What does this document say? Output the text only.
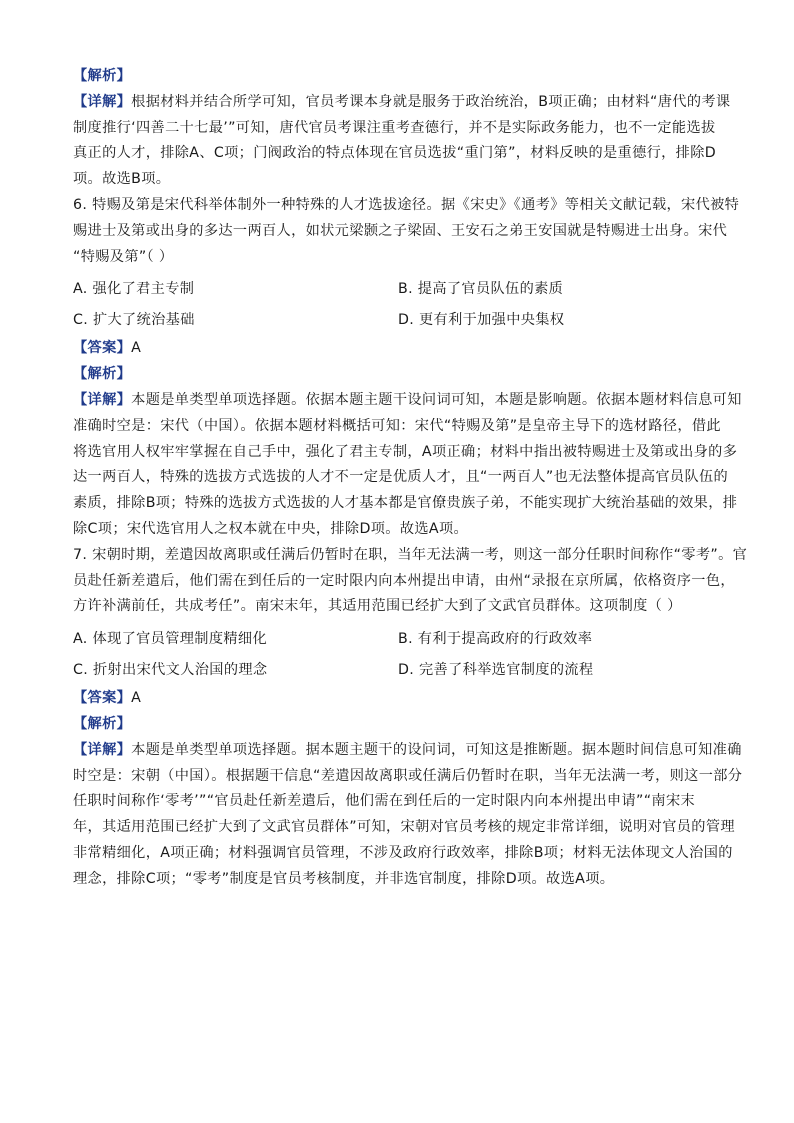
【解析】
【详解】根据材料并结合所学可知，官员考课本身就是服务于政治统治，B项正确；由材料“唐代的考课
制度推行‘四善二十七最’”可知，唐代官员考课注重考查德行，并不是实际政务能力，也不一定能选拔
真正的人才，排除A、C项；门阀政治的特点体现在官员选拔“重门第”，材料反映的是重德行，排除D
项。故选B项。
6. 特赐及第是宋代科举体制外一种特殊的人才选拔途径。据《宋史》《通考》等相关文献记载，宋代被特
赐进士及第或出身的多达一两百人，如状元梁颢之子梁固、王安石之弟王安国就是特赐进士出身。宋代
“特赐及第”（ ）
A. 强化了君主专制	B. 提高了官员队伍的素质
C. 扩大了统治基础	D. 更有利于加强中央集权
【答案】A
【解析】
【详解】本题是单类型单项选择题。依据本题主题干设问词可知，本题是影响题。依据本题材料信息可知
准确时空是：宋代（中国）。依据本题材料概括可知：宋代“特赐及第”是皇帝主导下的选材路径，借此
将选官用人权牢牢掌握在自己手中，强化了君主专制，A项正确；材料中指出被特赐进士及第或出身的多
达一两百人，特殊的选拔方式选拔的人才不一定是优质人才，且“一两百人”也无法整体提高官员队伍的
素质，排除B项；特殊的选拔方式选拔的人才基本都是官僚贵族子弟，不能实现扩大统治基础的效果，排
除C项；宋代选官用人之权本就在中央，排除D项。故选A项。
7. 宋朝时期，差遣因故离职或任满后仍暂时在职，当年无法满一考，则这一部分任职时间称作“零考”。官
员赴任新差遣后，他们需在到任后的一定时限内向本州提出申请，由州“录报在京所属，依格资序一色，
方许补满前任，共成考任”。南宋末年，其适用范围已经扩大到了文武官员群体。这项制度（ ）
A. 体现了官员管理制度精细化	B. 有利于提高政府的行政效率
C. 折射出宋代文人治国的理念	D. 完善了科举选官制度的流程
【答案】A
【解析】
【详解】本题是单类型单项选择题。据本题主题干的设问词，可知这是推断题。据本题时间信息可知准确
时空是：宋朝（中国）。根据题干信息“差遣因故离职或任满后仍暂时在职，当年无法满一考，则这一部分
任职时间称作‘零考’”“官员赴任新差遣后，他们需在到任后的一定时限内向本州提出申请”“南宋末
年，其适用范围已经扩大到了文武官员群体”可知，宋朝对官员考核的规定非常详细，说明对官员的管理
非常精细化，A项正确；材料强调官员管理，不涉及政府行政效率，排除B项；材料无法体现文人治国的
理念，排除C项；“零考”制度是官员考核制度，并非选官制度，排除D项。故选A项。
